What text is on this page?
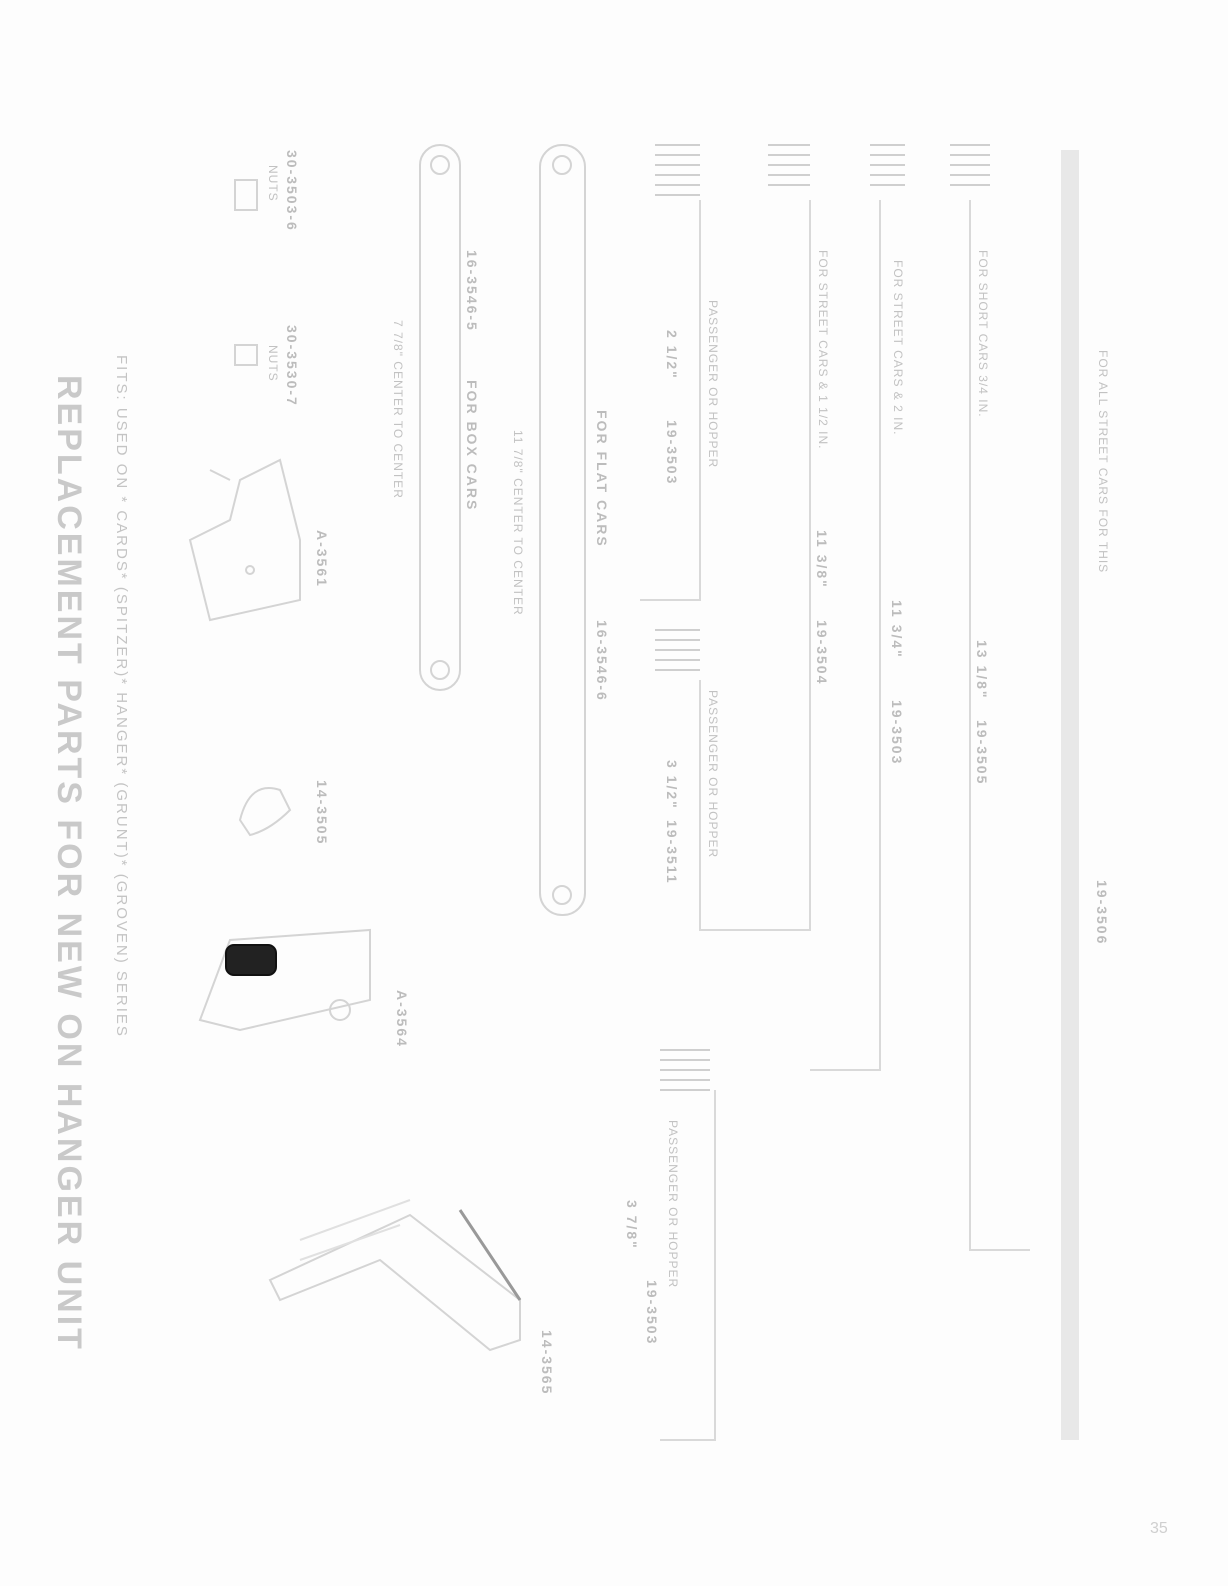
REPLACEMENT PARTS FOR NEW ON HANGER UNIT FITS: USED ON * CARDS* (SPITZER)* HANGER* (GRUNT)* (GROVEN) SERIES
14-3565
A-3564
14-3505
A-3561
30-3530-7
NUTS
30-3503-6
NUTS
7 7/8" CENTER TO CENTER
16-3546-5
FOR BOX CARS	11 7/8" CENTER TO CENTER
16-3546-6
FOR FLAT CARS
19-3511
3 1/2" PASSENGER OR HOPPER
19-3503
2 1/2" PASSENGER OR HOPPER
3 7/8"
19-3503
PASSENGER OR HOPPER
19-3504
11 3/8"
FOR STREET CARS & 1 1/2 IN.
19-3503
11 3/4"
FOR STREET CARS & 2 IN.
19-3505
13 1/8"
FOR SHORT CARS 3/4 IN.
19-3506
FOR ALL STREET CARS FOR THIS
35
